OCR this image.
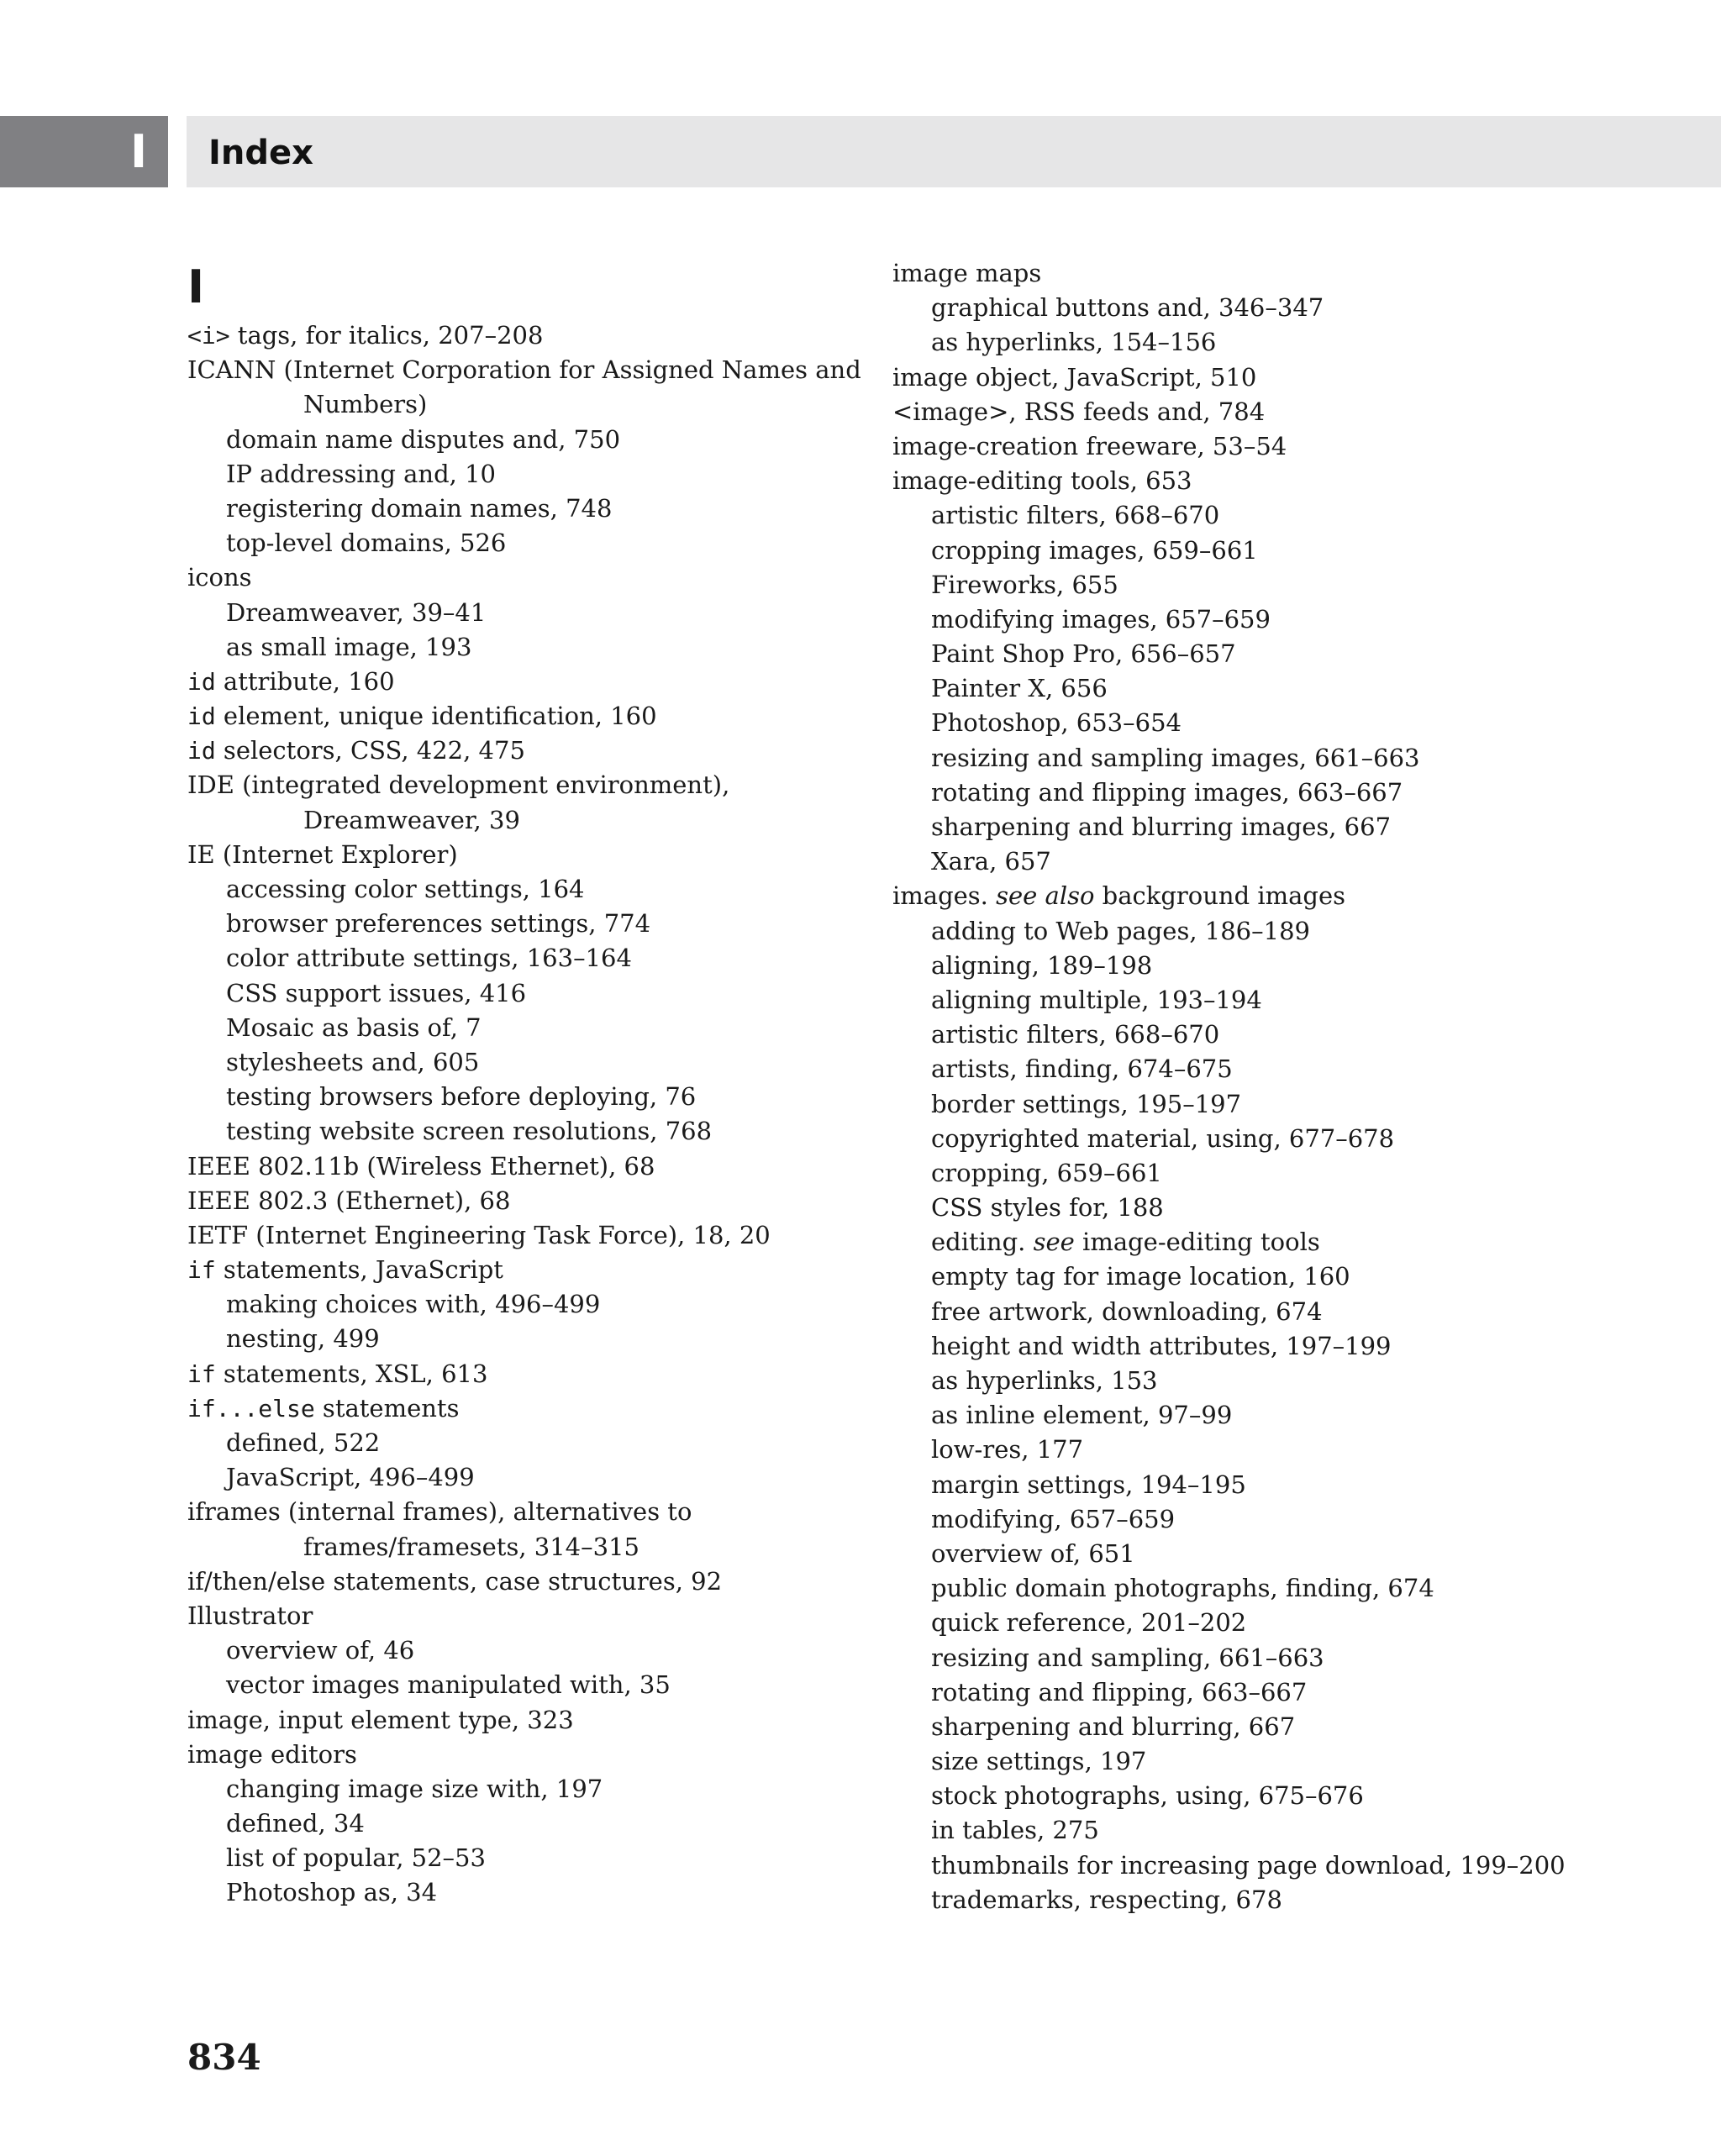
I Index
I
<i> tags, for italics, 207–208
ICANN (Internet Corporation for Assigned Names and
Numbers)
domain name disputes and, 750
IP addressing and, 10
registering domain names, 748
top-level domains, 526
icons
Dreamweaver, 39–41
as small image, 193
id attribute, 160
id element, unique identification, 160
id selectors, CSS, 422, 475
IDE (integrated development environment),
Dreamweaver, 39
IE (Internet Explorer)
accessing color settings, 164
browser preferences settings, 774
color attribute settings, 163–164
CSS support issues, 416
Mosaic as basis of, 7
stylesheets and, 605
testing browsers before deploying, 76
testing website screen resolutions, 768
IEEE 802.11b (Wireless Ethernet), 68
IEEE 802.3 (Ethernet), 68
IETF (Internet Engineering Task Force), 18, 20
if statements, JavaScript
making choices with, 496–499
nesting, 499
if statements, XSL, 613
if...else statements
defined, 522
JavaScript, 496–499
iframes (internal frames), alternatives to
frames/framesets, 314–315
if/then/else statements, case structures, 92
Illustrator
overview of, 46
vector images manipulated with, 35
image, input element type, 323
image editors
changing image size with, 197
defined, 34
list of popular, 52–53
Photoshop as, 34
image maps
graphical buttons and, 346–347
as hyperlinks, 154–156
image object, JavaScript, 510
<image>, RSS feeds and, 784
image-creation freeware, 53–54
image-editing tools, 653
artistic filters, 668–670
cropping images, 659–661
Fireworks, 655
modifying images, 657–659
Paint Shop Pro, 656–657
Painter X, 656
Photoshop, 653–654
resizing and sampling images, 661–663
rotating and flipping images, 663–667
sharpening and blurring images, 667
Xara, 657
images. see also background images
adding to Web pages, 186–189
aligning, 189–198
aligning multiple, 193–194
artistic filters, 668–670
artists, finding, 674–675
border settings, 195–197
copyrighted material, using, 677–678
cropping, 659–661
CSS styles for, 188
editing. see image-editing tools
empty tag for image location, 160
free artwork, downloading, 674
height and width attributes, 197–199
as hyperlinks, 153
as inline element, 97–99
low-res, 177
margin settings, 194–195
modifying, 657–659
overview of, 651
public domain photographs, finding, 674
quick reference, 201–202
resizing and sampling, 661–663
rotating and flipping, 663–667
sharpening and blurring, 667
size settings, 197
stock photographs, using, 675–676
in tables, 275
thumbnails for increasing page download, 199–200
trademarks, respecting, 678
834
